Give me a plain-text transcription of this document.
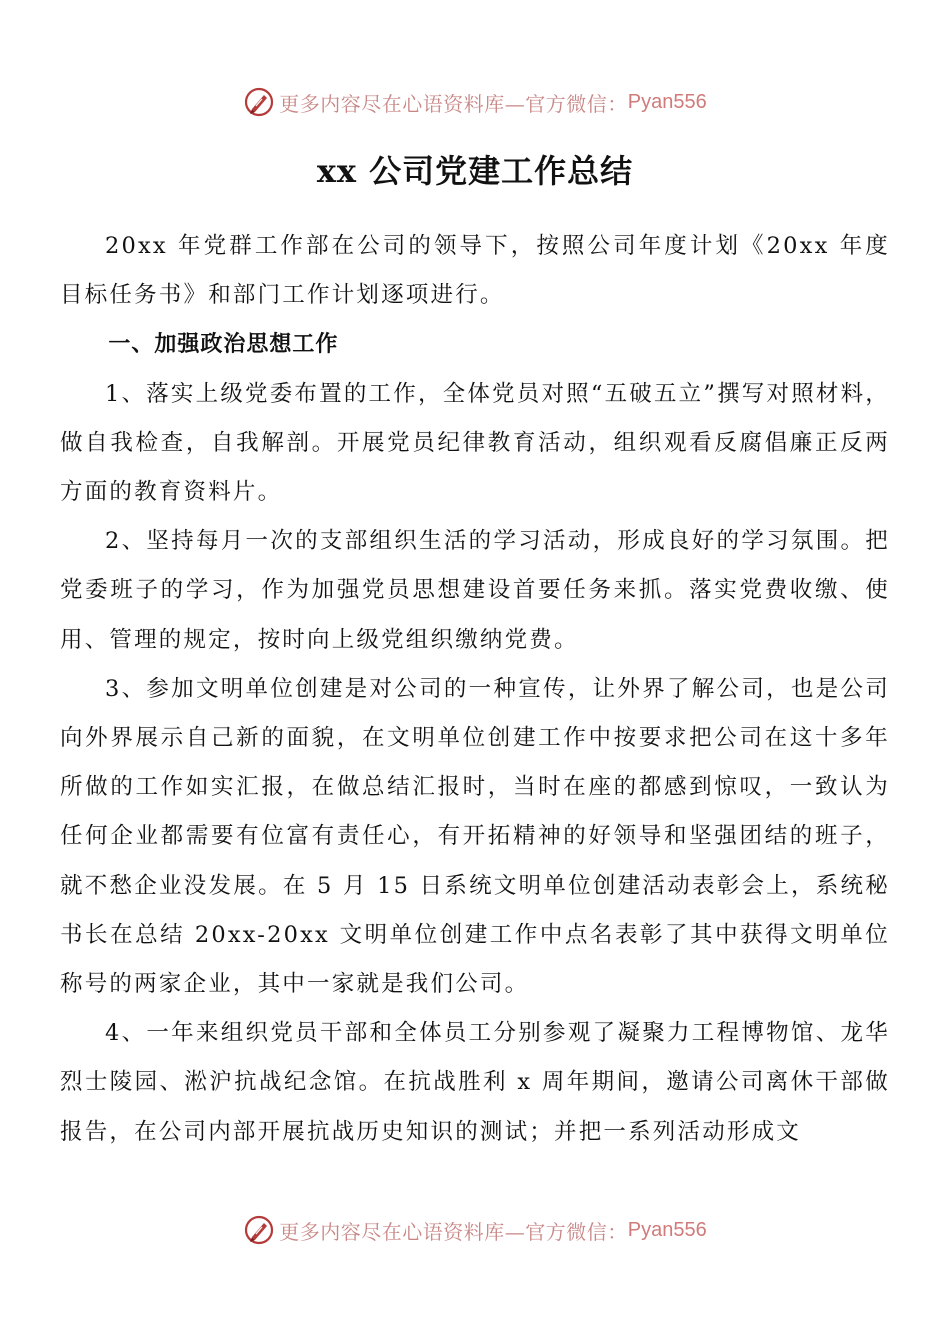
更多内容尽在心语资料库—官方微信： Pyan556
xx 公司党建工作总结

20xx 年党群工作部在公司的领导下，按照公司年度计划《20xx 年度目标任务书》和部门工作计划逐项进行。

一、加强政治思想工作

1、落实上级党委布置的工作，全体党员对照“五破五立”撰写对照材料，做自我检查，自我解剖。开展党员纪律教育活动，组织观看反腐倡廉正反两方面的教育资料片。

2、坚持每月一次的支部组织生活的学习活动，形成良好的学习氛围。把党委班子的学习，作为加强党员思想建设首要任务来抓。落实党费收缴、使用、管理的规定，按时向上级党组织缴纳党费。

3、参加文明单位创建是对公司的一种宣传，让外界了解公司，也是公司向外界展示自己新的面貌，在文明单位创建工作中按要求把公司在这十多年所做的工作如实汇报，在做总结汇报时，当时在座的都感到惊叹，一致认为任何企业都需要有位富有责任心，有开拓精神的好领导和坚强团结的班子，就不愁企业没发展。在 5 月 15 日系统文明单位创建活动表彰会上，系统秘书长在总结 20xx-20xx 文明单位创建工作中点名表彰了其中获得文明单位称号的两家企业，其中一家就是我们公司。

4、一年来组织党员干部和全体员工分别参观了凝聚力工程博物馆、龙华烈士陵园、淞沪抗战纪念馆。在抗战胜利 x 周年期间，邀请公司离休干部做报告，在公司内部开展抗战历史知识的测试；并把一系列活动形成文

更多内容尽在心语资料库—官方微信： Pyan556
